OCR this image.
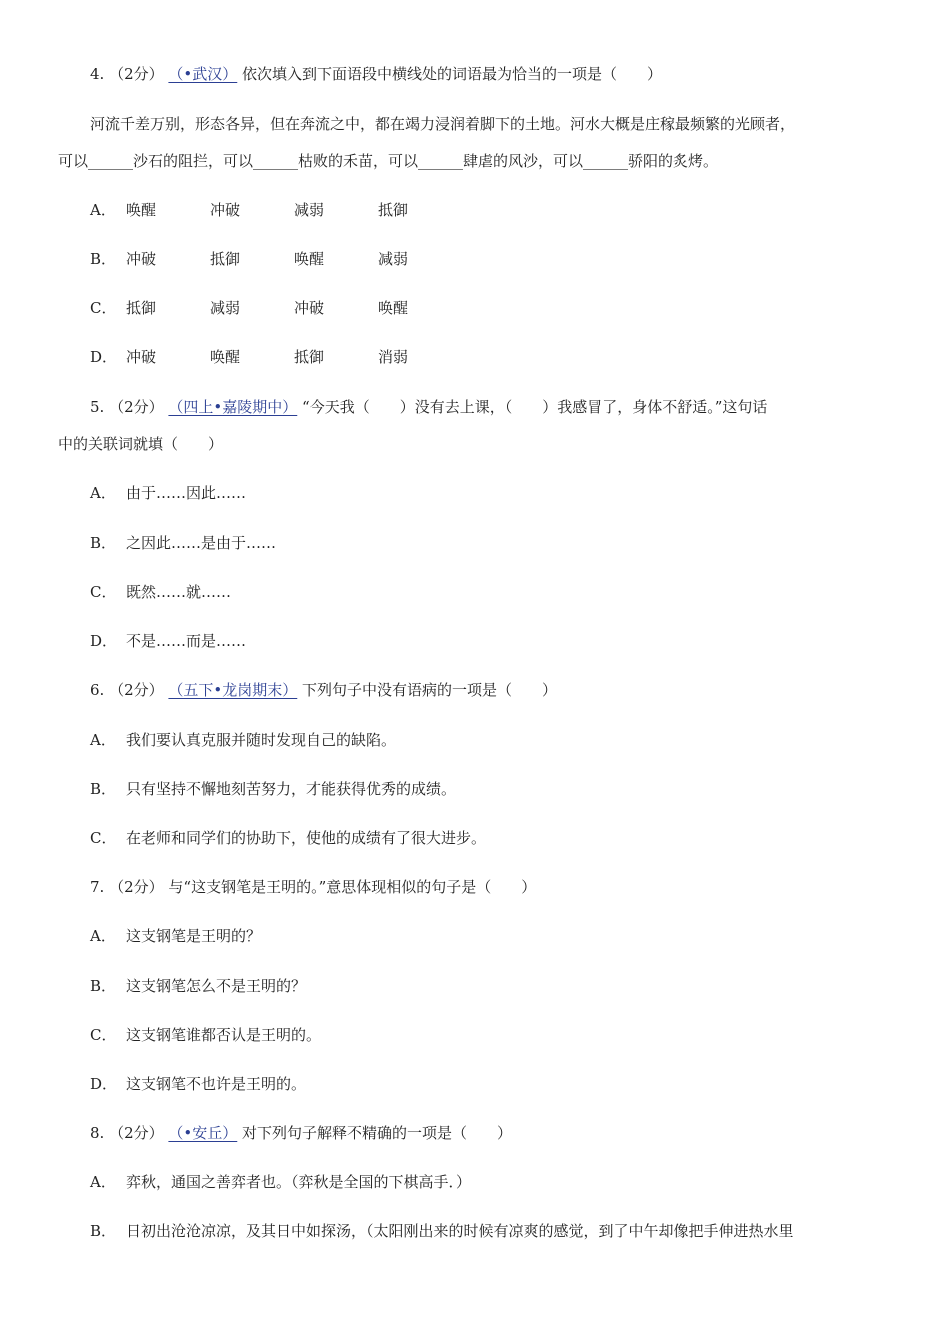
4. （2分） （•武汉） 依次填入到下面语段中横线处的词语最为恰当的一项是（　　）
河流千差万别，形态各异，但在奔流之中，都在竭力浸润着脚下的土地。河水大概是庄稼最频繁的光顾者，
可以______沙石的阻拦，可以______枯败的禾苗，可以______肆虐的风沙，可以______骄阳的炙烤。
A． 唤醒	冲破	减弱	抵御
B． 冲破	抵御	唤醒	减弱
C． 抵御	减弱	冲破	唤醒
D． 冲破	唤醒	抵御	消弱
5. （2分） （四上•嘉陵期中） “今天我（　　）没有去上课，（　　）我感冒了，身体不舒适。”这句话
中的关联词就填（　　）
A． 由于……因此……
B． 之因此……是由于……
C． 既然……就……
D． 不是……而是……
6. （2分） （五下•龙岗期末） 下列句子中没有语病的一项是（　　）
A． 我们要认真克服并随时发现自己的缺陷。
B． 只有坚持不懈地刻苦努力，才能获得优秀的成绩。
C． 在老师和同学们的协助下，使他的成绩有了很大进步。
7. （2分） 与“这支钢笔是王明的。”意思体现相似的句子是（　　）
A． 这支钢笔是王明的？
B． 这支钢笔怎么不是王明的？
C． 这支钢笔谁都否认是王明的。
D． 这支钢笔不也许是王明的。
8. （2分） （•安丘） 对下列句子解释不精确的一项是（　　）
A． 弈秋，通国之善弈者也。（弈秋是全国的下棋高手．）
B． 日初出沧沧凉凉，及其日中如探汤，（太阳刚出来的时候有凉爽的感觉，到了中午却像把手伸进热水里
